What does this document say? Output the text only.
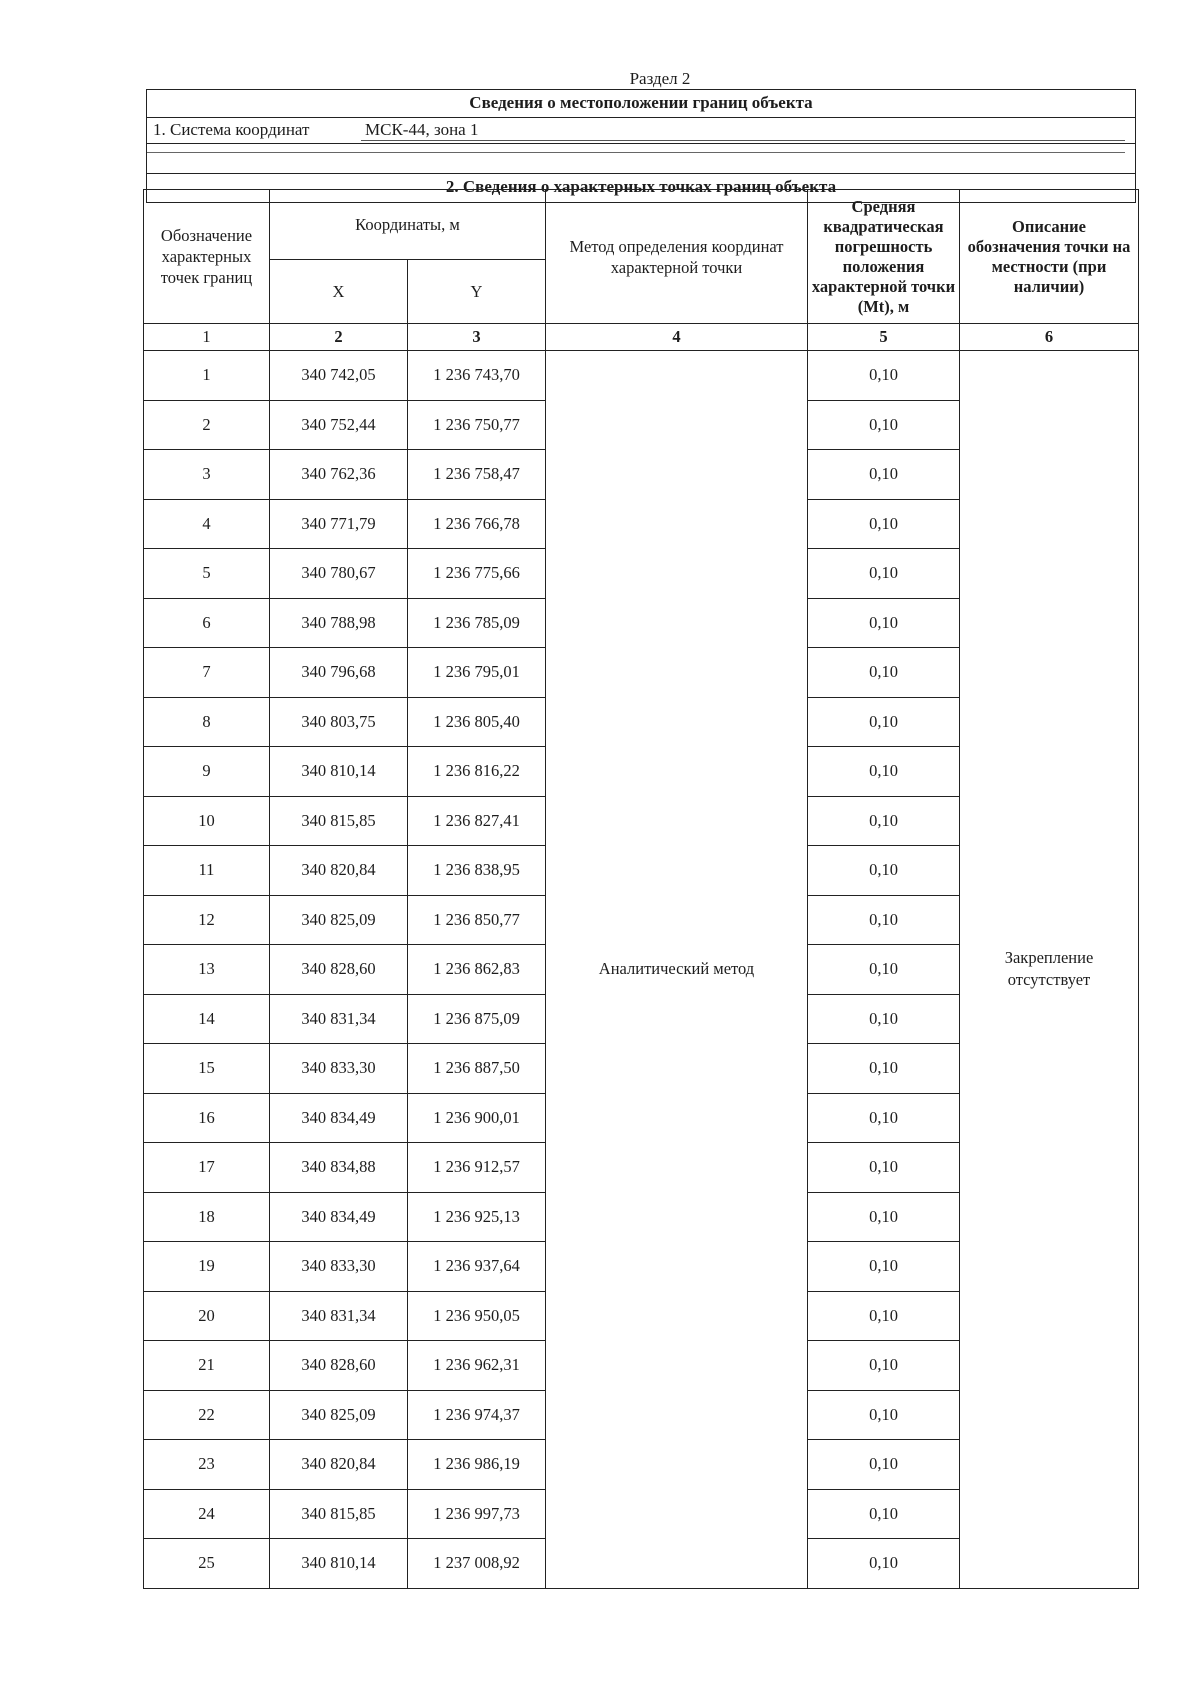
Раздел 2
Сведения о местоположении границ объекта
1. Система координат	МСК-44, зона 1
2. Сведения о характерных точках границ объекта
Обозначение характерных точек границ	Координаты, м		Метод определения координат характерной точки	Средняя квадратическая погрешность положения характерной точки (Mt), м	Описание обозначения точки на местности (при наличии)

	X	Y			
1	2	3	4	5	6
1	340 742,05	1 236 743,70	Аналитический метод	0,10	Закрепление отсутствует

2	340 752,44	1 236 750,77		0,10	
3	340 762,36	1 236 758,47		0,10	
4	340 771,79	1 236 766,78		0,10	
5	340 780,67	1 236 775,66		0,10	
6	340 788,98	1 236 785,09		0,10	
7	340 796,68	1 236 795,01		0,10	
8	340 803,75	1 236 805,40		0,10	
9	340 810,14	1 236 816,22		0,10	
10	340 815,85	1 236 827,41		0,10	
11	340 820,84	1 236 838,95		0,10	
12	340 825,09	1 236 850,77		0,10	
13	340 828,60	1 236 862,83		0,10	
14	340 831,34	1 236 875,09		0,10	
15	340 833,30	1 236 887,50		0,10	
16	340 834,49	1 236 900,01		0,10	
17	340 834,88	1 236 912,57		0,10	
18	340 834,49	1 236 925,13		0,10	
19	340 833,30	1 236 937,64		0,10	
20	340 831,34	1 236 950,05		0,10	
21	340 828,60	1 236 962,31		0,10	
22	340 825,09	1 236 974,37		0,10	
23	340 820,84	1 236 986,19		0,10	
24	340 815,85	1 236 997,73		0,10	
25	340 810,14	1 237 008,92		0,10	
